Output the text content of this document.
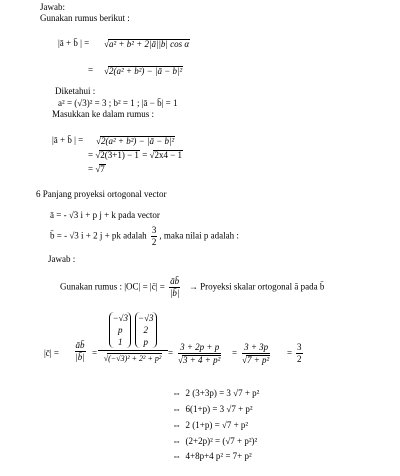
Jawab:
Gunakan rumus berikut :
|ā + b̄ | = √a² + b² + 2|ā||b̄| cos α
= √2(a² + b²) − |ā − b̄|²
Diketahui :
a² = (√3)² = 3 ; b² = 1 ; |ā − b̄| = 1
Masukkan ke dalam rumus :
|ā + b̄ | = √2(a² + b²) − |ā − b̄|²
= √2(3+1) − 1 = √2x4 − 1
= √7
6 Panjang proyeksi ortogonal vector
ā = - √3 i + p j + k pada vector
b̄ = - √3 i + 2 j + pk adalah $\frac{3}{2}$ , maka nilai p adalah :
Jawab :
Gunakan rumus : |OC| = |c̄| = $\frac{āb̄}{|b̄|}$ → Proyeksi skalar ortogonal ā pada b̄
|c̄| = $\frac{āb̄}{|b̄|}$ =
−√3
p
1
−√3
2
p
√(−√3)² + 2² + p²
= $\frac{3 + 2p + p}{\text{√3 + 4 + p²}} = \frac{3 + 3p}{\text{√7 + p²}} = \frac{3}{2}$
⇔ 2 (3+3p) = 3 √7 + p²
⇔ 6(1+p) = 3 √7 + p²
⇔ 2 (1+p) = √7 + p²
⇔ (2+2p)² = (√7 + p²)²
⇔ 4+8p+4 p² = 7+ p²
